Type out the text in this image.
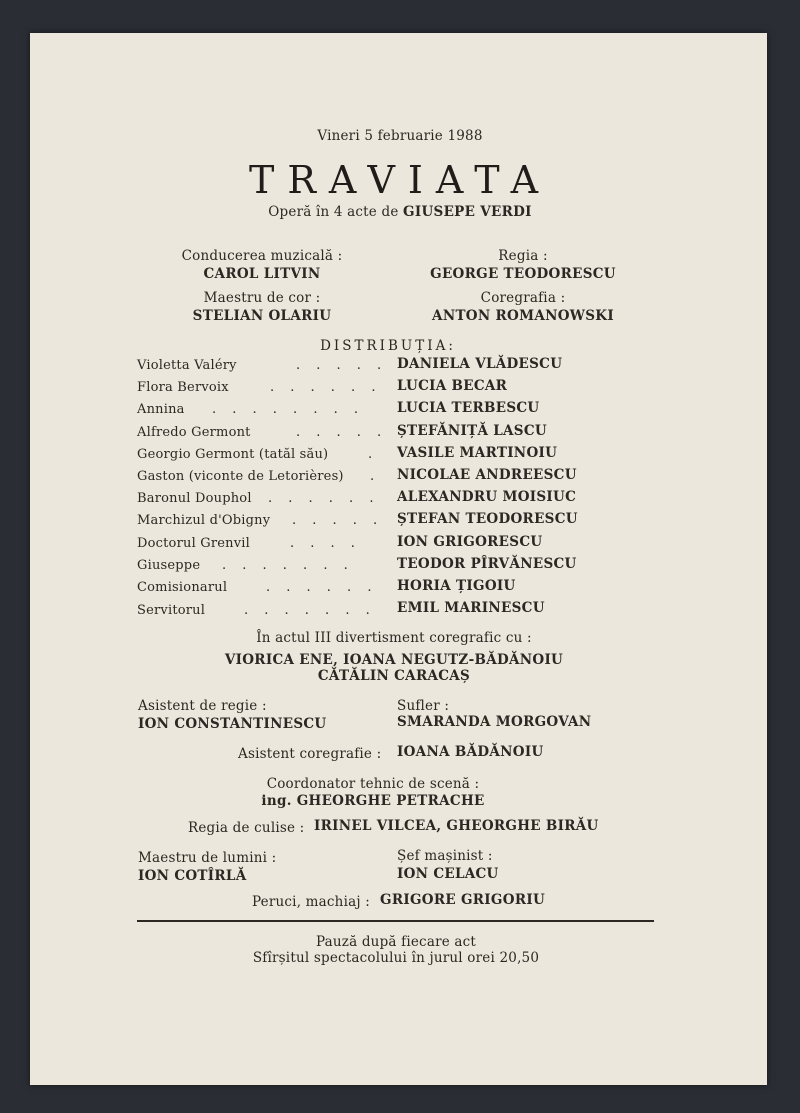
Vineri 5 februarie 1988
TRAVIATA
Operă în 4 acte de GIUSEPE VERDI
Conducerea muzicală :
CAROL LITVIN
Regia :
GEORGE TEODORESCU
Maestru de cor :
STELIAN OLARIU
Coregrafia :
ANTON ROMANOWSKI
DISTRIBUȚIA:
Violetta Valéry	. . . . . DANIELA VLĂDESCU
Flora Bervoix	. . . . . . LUCIA BECAR
Annina . . . . . . . . LUCIA TERBESCU
Alfredo Germont	. . . . . ȘTEFĂNIȚĂ LASCU
Georgio Germont (tatăl său)	. VASILE MARTINOIU
Gaston (viconte de Letorières) . NICOLAE ANDREESCU
Baronul Douphol . . . . . . ALEXANDRU MOISIUC
Marchizul d'Obigny . . . . . ȘTEFAN TEODORESCU
Doctorul Grenvil	. . . .	ION GRIGORESCU
Giuseppe . . . . . . .	TEODOR PÎRVĂNESCU
Comisionarul	. . . . . . HORIA ȚIGOIU
Servitorul	. . . . . . . EMIL MARINESCU
În actul III divertisment coregrafic cu :
VIORICA ENE, IOANA NEGUTZ-BĂDĂNOIU
CĂTĂLIN CARACAȘ
Asistent de regie :
ION CONSTANTINESCU
Sufler :
SMARANDA MORGOVAN
Asistent coregrafie : IOANA BĂDĂNOIU
Coordonator tehnic de scenă :
ing. GHEORGHE PETRACHE
Regia de culise : IRINEL VILCEA, GHEORGHE BIRĂU
Maestru de lumini :
ION COTÎRLĂ
Șef mașinist :
ION CELACU
Peruci, machiaj : GRIGORE GRIGORIU
Pauză după fiecare act
Sfîrșitul spectacolului în jurul orei 20,50
